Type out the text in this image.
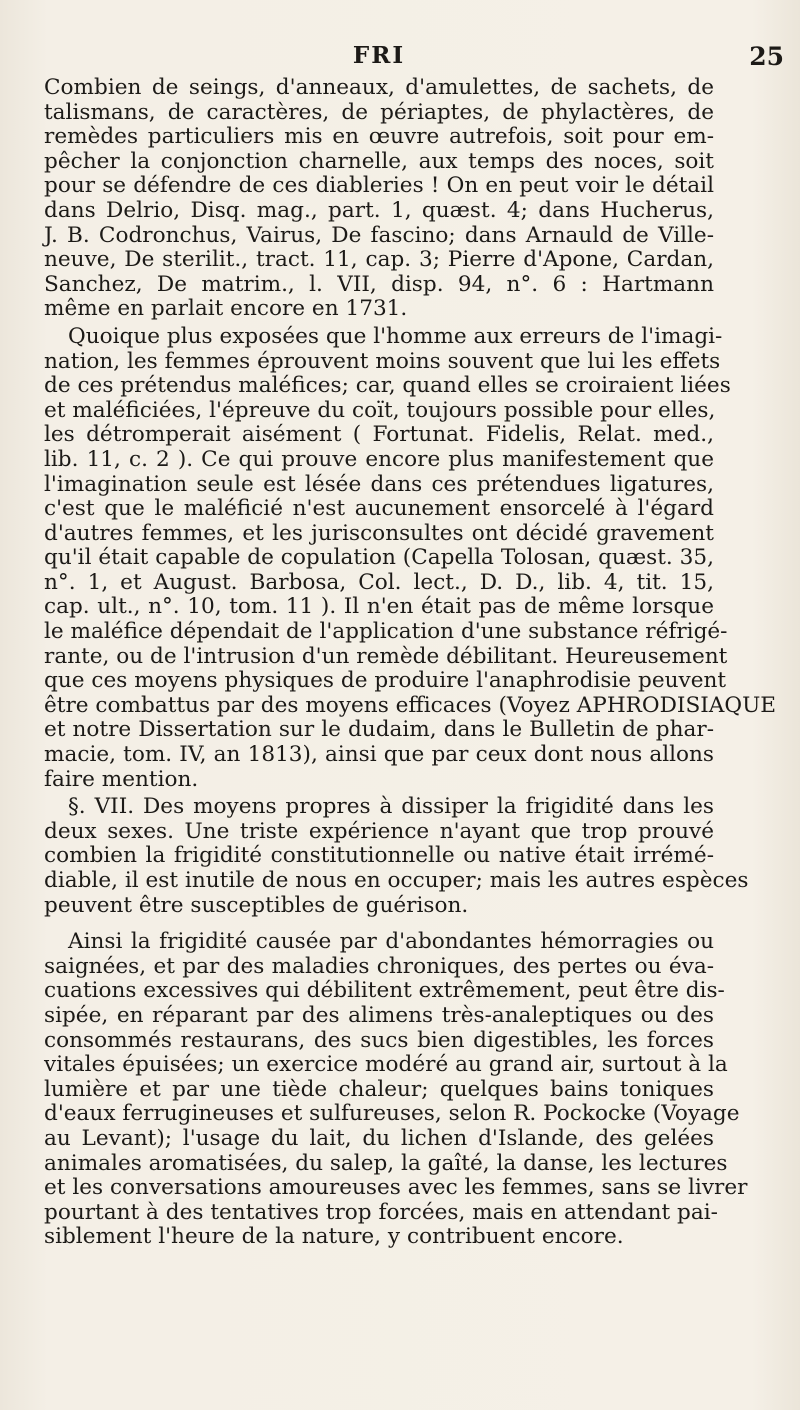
FRI	25
Combien de seings, d'anneaux, d'amulettes, de sachets, de
talismans, de caractères, de périaptes, de phylactères, de
remèdes particuliers mis en œuvre autrefois, soit pour em-
pêcher la conjonction charnelle, aux temps des noces, soit
pour se défendre de ces diableries ! On en peut voir le détail
dans Delrio, Disq. mag., part. 1, quæst. 4; dans Hucherus,
J. B. Codronchus, Vairus, De fascino; dans Arnauld de Ville-
neuve, De sterilit., tract. 11, cap. 3; Pierre d'Apone, Cardan,
Sanchez, De matrim., l. VII, disp. 94, n°. 6 : Hartmann
même en parlait encore en 1731.
Quoique plus exposées que l'homme aux erreurs de l'imagi-
nation, les femmes éprouvent moins souvent que lui les effets
de ces prétendus maléfices; car, quand elles se croiraient liées
et maléficiées, l'épreuve du coït, toujours possible pour elles,
les détromperait aisément ( Fortunat. Fidelis, Relat. med.,
lib. 11, c. 2 ). Ce qui prouve encore plus manifestement que
l'imagination seule est lésée dans ces prétendues ligatures,
c'est que le maléficié n'est aucunement ensorcelé à l'égard
d'autres femmes, et les jurisconsultes ont décidé gravement
qu'il était capable de copulation (Capella Tolosan, quæst. 35,
n°. 1, et August. Barbosa, Col. lect., D. D., lib. 4, tit. 15,
cap. ult., n°. 10, tom. 11 ). Il n'en était pas de même lorsque
le maléfice dépendait de l'application d'une substance réfrigé-
rante, ou de l'intrusion d'un remède débilitant. Heureusement
que ces moyens physiques de produire l'anaphrodisie peuvent
être combattus par des moyens efficaces (Voyez APHRODISIAQUE
et notre Dissertation sur le dudaim, dans le Bulletin de phar-
macie, tom. IV, an 1813), ainsi que par ceux dont nous allons
faire mention.
§. VII. Des moyens propres à dissiper la frigidité dans les
deux sexes. Une triste expérience n'ayant que trop prouvé
combien la frigidité constitutionnelle ou native était irrémé-
diable, il est inutile de nous en occuper; mais les autres espèces
peuvent être susceptibles de guérison.
Ainsi la frigidité causée par d'abondantes hémorragies ou
saignées, et par des maladies chroniques, des pertes ou éva-
cuations excessives qui débilitent extrêmement, peut être dis-
sipée, en réparant par des alimens très-analeptiques ou des
consommés restaurans, des sucs bien digestibles, les forces
vitales épuisées; un exercice modéré au grand air, surtout à la
lumière et par une tiède chaleur; quelques bains toniques
d'eaux ferrugineuses et sulfureuses, selon R. Pockocke (Voyage
au Levant); l'usage du lait, du lichen d'Islande, des gelées
animales aromatisées, du salep, la gaîté, la danse, les lectures
et les conversations amoureuses avec les femmes, sans se livrer
pourtant à des tentatives trop forcées, mais en attendant pai-
siblement l'heure de la nature, y contribuent encore.
